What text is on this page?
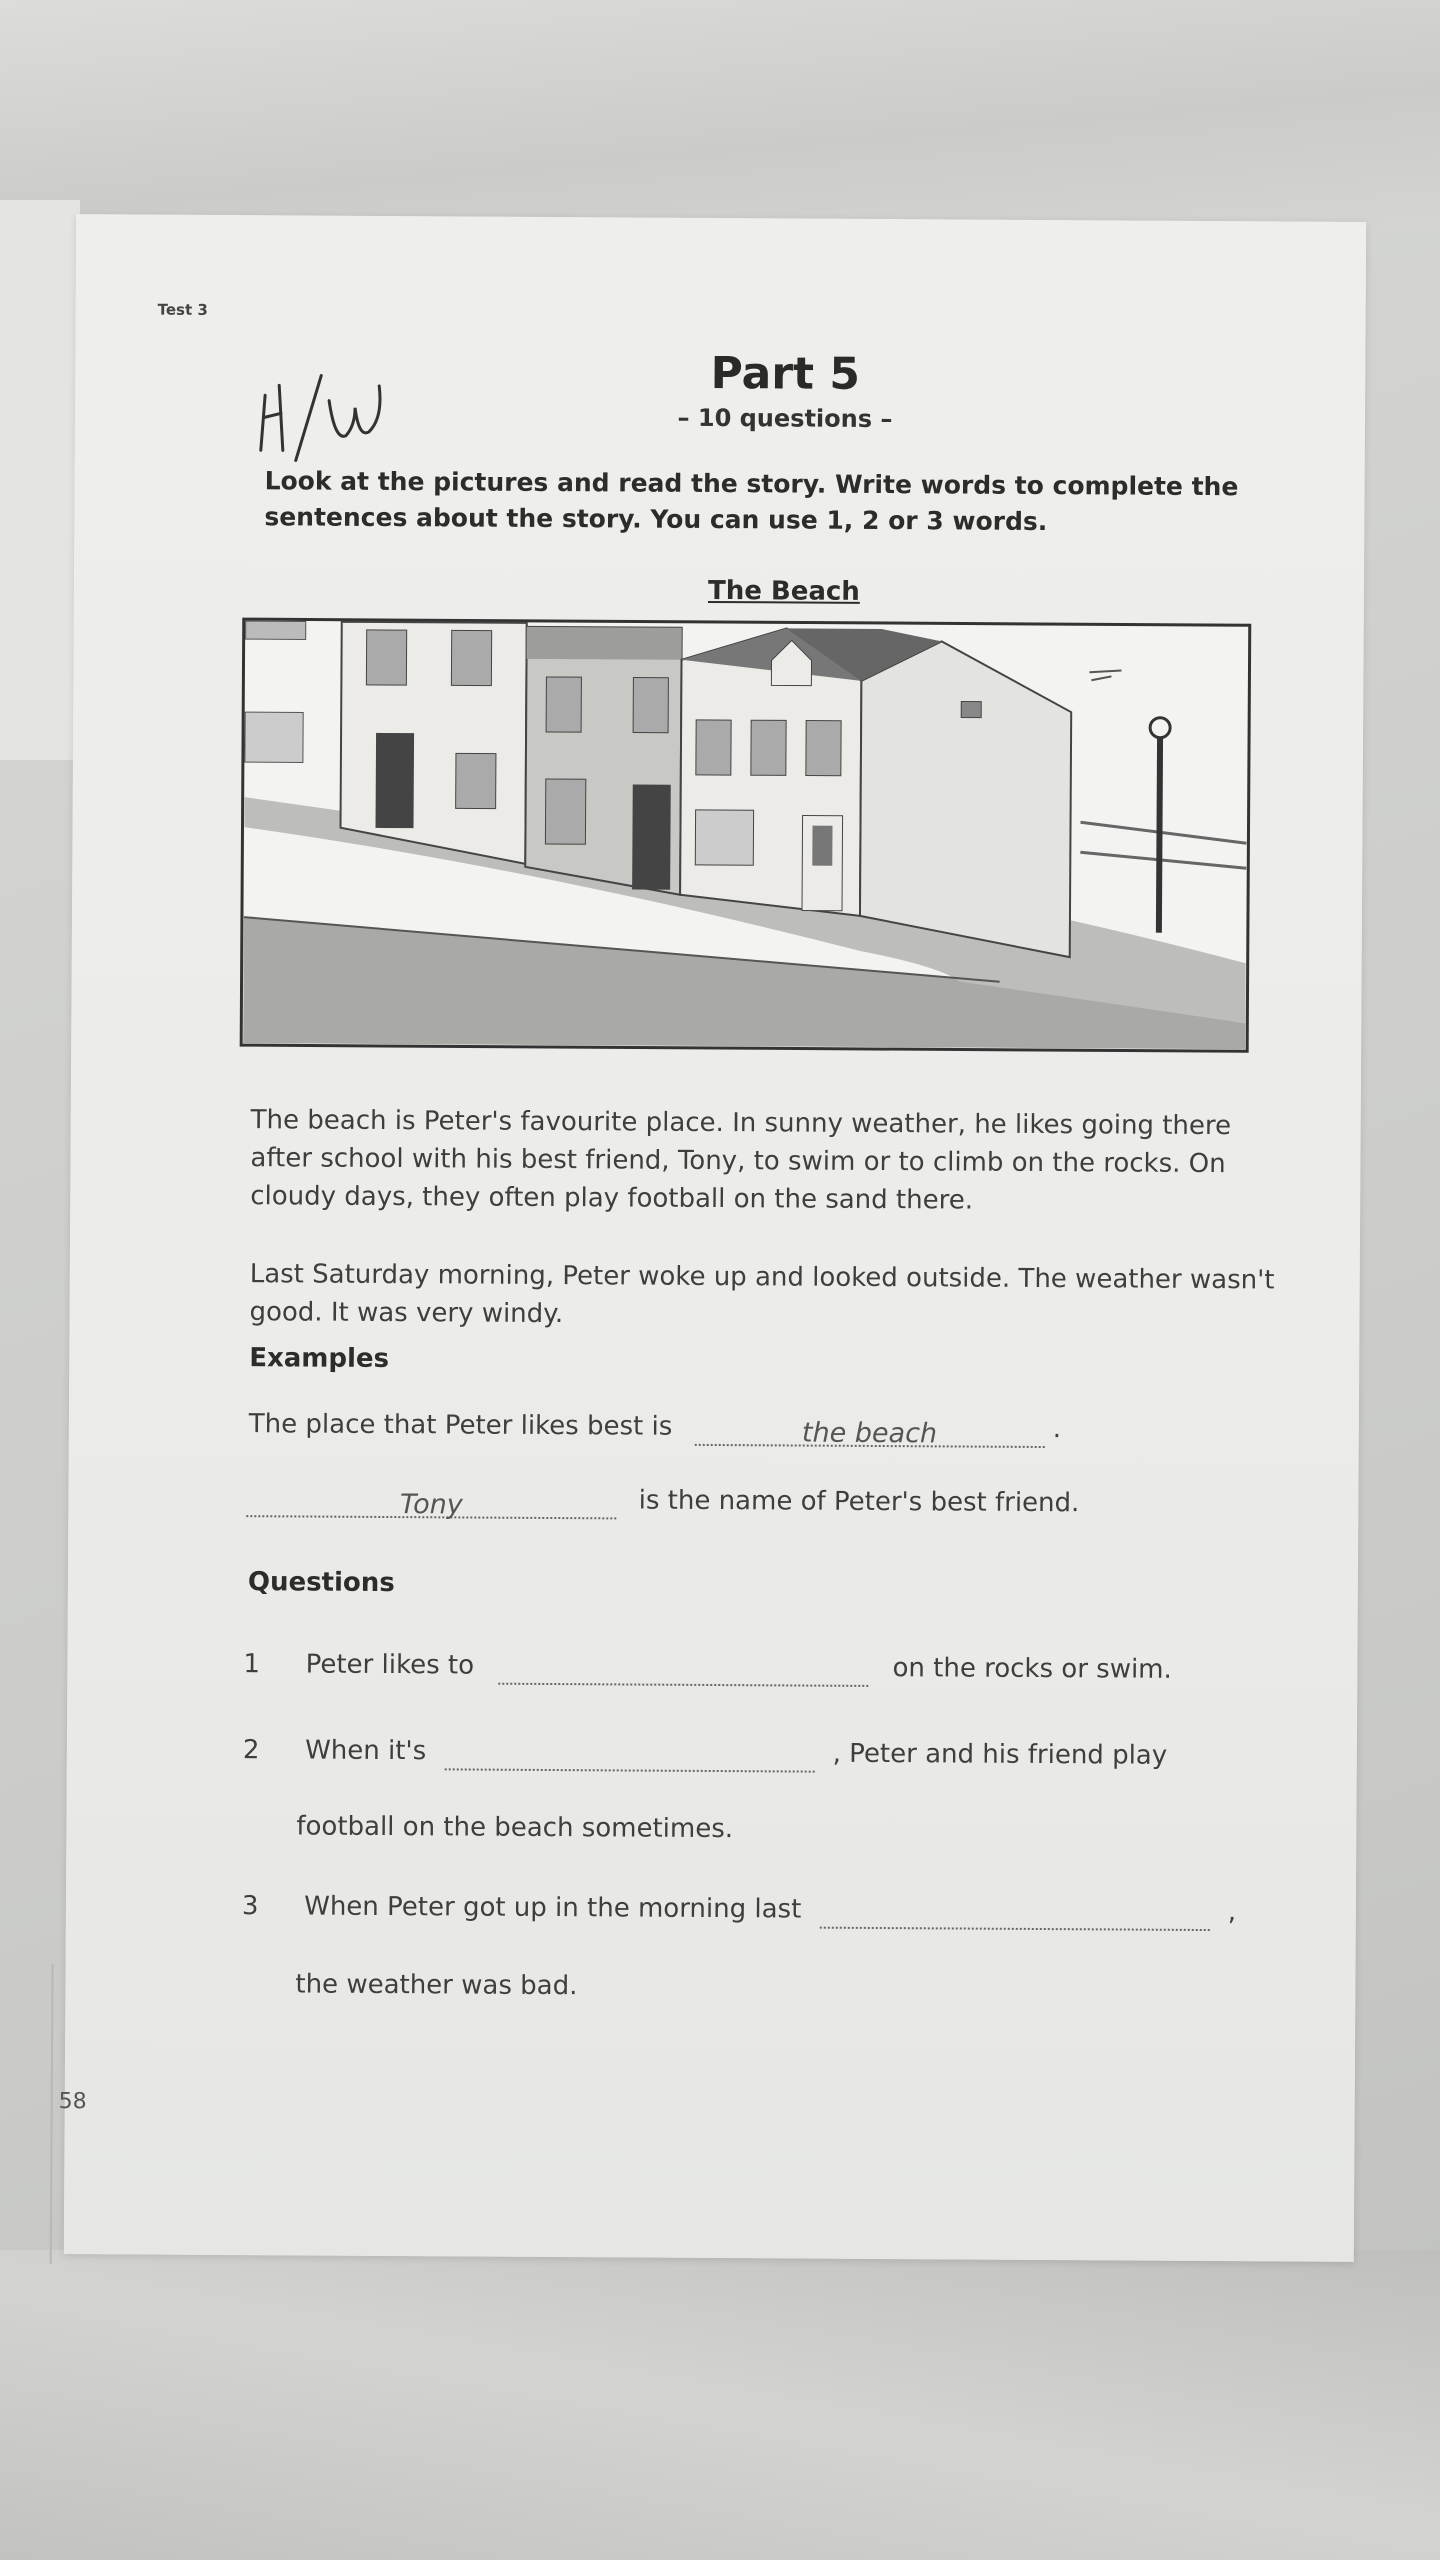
Test 3
Part 5
– 10 questions –
Look at the pictures and read the story. Write words to complete the sentences about the story. You can use 1, 2 or 3 words.
The Beach
The beach is Peter's favourite place. In sunny weather, he likes going there after school with his best friend, Tony, to swim or to climb on the rocks. On cloudy days, they often play football on the sand there.
Last Saturday morning, Peter woke up and looked outside. The weather wasn't good. It was very windy.
Examples
The place that Peter likes best is	the beach	.
Tony	is the name of Peter's best friend.
Questions
1 Peter likes to	on the rocks or swim.
2 When it's	, Peter and his friend play
football on the beach sometimes.
3 When Peter got up in the morning last	,
the weather was bad.
58
